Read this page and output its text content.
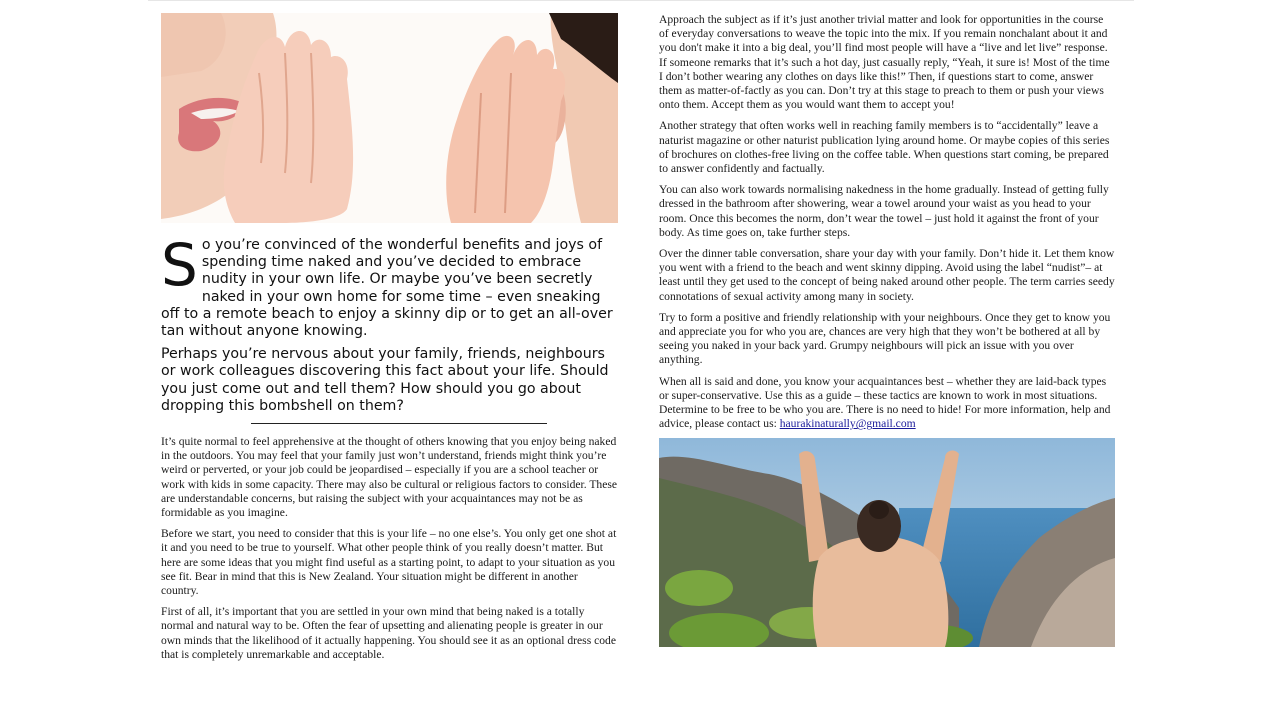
So you’re convinced of the wonderful benefits and joys of spending time naked and you’ve decided to embrace nudity in your own life. Or maybe you’ve been secretly naked in your own home for some time – even sneaking off to a remote beach to enjoy a skinny dip or to get an all-over tan without anyone knowing.

Perhaps you’re nervous about your family, friends, neighbours or work colleagues discovering this fact about your life. Should you just come out and tell them? How should you go about dropping this bombshell on them?

It’s quite normal to feel apprehensive at the thought of others knowing that you enjoy being naked in the outdoors. You may feel that your family just won’t understand, friends might think you’re weird or perverted, or your job could be jeopardised – especially if you are a school teacher or work with kids in some capacity. There may also be cultural or religious factors to consider. These are understandable concerns, but raising the subject with your acquaintances may not be as formidable as you imagine.

Before we start, you need to consider that this is your life – no one else’s. You only get one shot at it and you need to be true to yourself. What other people think of you really doesn’t matter. But here are some ideas that you might find useful as a starting point, to adapt to your situation as you see fit. Bear in mind that this is New Zealand. Your situation might be different in another country.

First of all, it’s important that you are settled in your own mind that being naked is a totally normal and natural way to be. Often the fear of upsetting and alienating people is greater in our own minds that the likelihood of it actually happening. You should see it as an optional dress code that is completely unremarkable and acceptable.

Approach the subject as if it’s just another trivial matter and look for opportunities in the course of everyday conversations to weave the topic into the mix. If you remain nonchalant about it and you don't make it into a big deal, you’ll find most people will have a “live and let live” response. If someone remarks that it’s such a hot day, just casually reply, “Yeah, it sure is! Most of the time I don’t bother wearing any clothes on days like this!” Then, if questions start to come, answer them as matter-of-factly as you can. Don’t try at this stage to preach to them or push your views onto them. Accept them as you would want them to accept you!

Another strategy that often works well in reaching family members is to “accidentally” leave a naturist magazine or other naturist publication lying around home. Or maybe copies of this series of brochures on clothes-free living on the coffee table. When questions start coming, be prepared to answer confidently and factually.

You can also work towards normalising nakedness in the home gradually. Instead of getting fully dressed in the bathroom after showering, wear a towel around your waist as you head to your room. Once this becomes the norm, don’t wear the towel – just hold it against the front of your body. As time goes on, take further steps.

Over the dinner table conversation, share your day with your family. Don’t hide it. Let them know you went with a friend to the beach and went skinny dipping. Avoid using the label “nudist”– at least until they get used to the concept of being naked around other people. The term carries seedy connotations of sexual activity among many in society.

Try to form a positive and friendly relationship with your neighbours. Once they get to know you and appreciate you for who you are, chances are very high that they won’t be bothered at all by seeing you naked in your back yard. Grumpy neighbours will pick an issue with you over anything.

When all is said and done, you know your acquaintances best – whether they are laid-back types or super-conservative. Use this as a guide – these tactics are known to work in most situations. Determine to be free to be who you are. There is no need to hide! For more information, help and advice, please contact us: haurakinaturally@gmail.com
